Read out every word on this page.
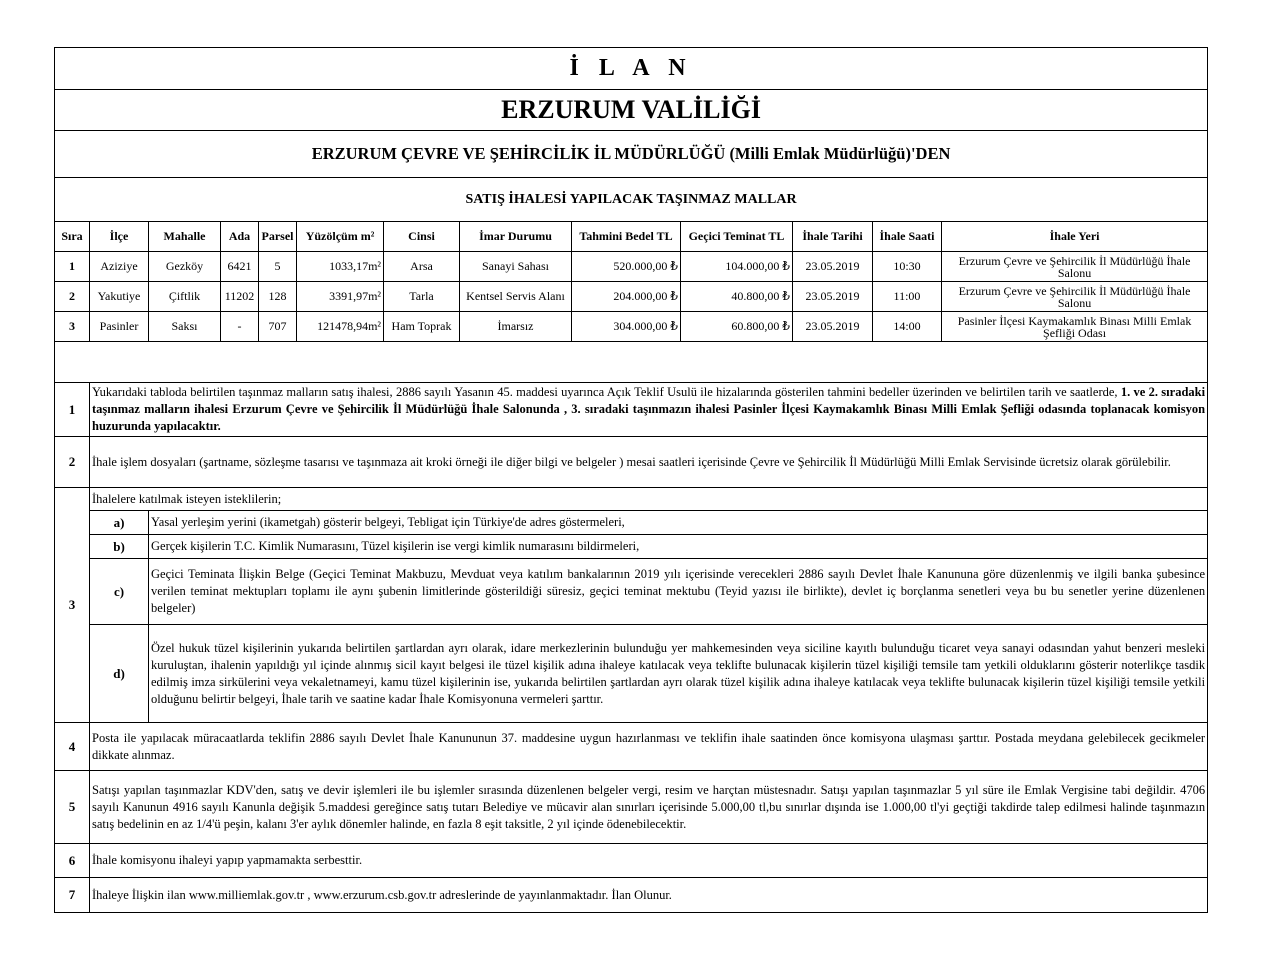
İ L A N												
ERZURUM VALİLİĞİ												
ERZURUM ÇEVRE VE ŞEHİRCİLİK İL MÜDÜRLÜĞÜ (Milli Emlak Müdürlüğü)'DEN												
SATIŞ İHALESİ YAPILACAK TAŞINMAZ MALLAR												
Sıra	İlçe	Mahalle	Ada	Parsel	Yüzölçüm m²	Cinsi	İmar Durumu	Tahmini Bedel TL	Geçici Teminat TL	İhale Tarihi	İhale Saati	İhale Yeri
1	Aziziye	Gezköy	6421	5	1033,17m²	Arsa	Sanayi Sahası	520.000,00 ₺	104.000,00 ₺	23.05.2019	10:30	Erzurum Çevre ve Şehircilik İl Müdürlüğü İhale Salonu
2	Yakutiye	Çiftlik	11202	128	3391,97m²	Tarla	Kentsel Servis Alanı	204.000,00 ₺	40.800,00 ₺	23.05.2019	11:00	Erzurum Çevre ve Şehircilik İl Müdürlüğü İhale Salonu
3	Pasinler	Saksı	-	707	121478,94m²	Ham Toprak	İmarsız	304.000,00 ₺	60.800,00 ₺	23.05.2019	14:00	Pasinler İlçesi Kaymakamlık Binası Milli Emlak Şefliği Odası

1	Yukarıdaki tabloda belirtilen taşınmaz malların satış ihalesi, 2886 sayılı Yasanın 45. maddesi uyarınca Açık Teklif Usulü ile hizalarında gösterilen tahmini bedeller üzerinden ve belirtilen tarih ve saatlerde, 1. ve 2. sıradaki taşınmaz malların ihalesi Erzurum Çevre ve Şehircilik İl Müdürlüğü İhale Salonunda , 3. sıradaki taşınmazın ihalesi Pasinler İlçesi Kaymakamlık Binası Milli Emlak Şefliği odasında toplanacak komisyon huzurunda yapılacaktır.											
2	İhale işlem dosyaları (şartname, sözleşme tasarısı ve taşınmaza ait kroki örneği ile diğer bilgi ve belgeler ) mesai saatleri içerisinde Çevre ve Şehircilik İl Müdürlüğü Milli Emlak Servisinde ücretsiz olarak görülebilir.											
3	İhalelere katılmak isteyen isteklilerin;											
	a)	Yasal yerleşim yerini (ikametgah) gösterir belgeyi, Tebligat için Türkiye'de adres göstermeleri,										
	b)	Gerçek kişilerin T.C. Kimlik Numarasını, Tüzel kişilerin ise vergi kimlik numarasını bildirmeleri,										
	c)	Geçici Teminata İlişkin Belge (Geçici Teminat Makbuzu, Mevduat veya katılım bankalarının 2019 yılı içerisinde verecekleri 2886 sayılı Devlet İhale Kanununa göre düzenlenmiş ve ilgili banka şubesince verilen teminat mektupları toplamı ile aynı şubenin limitlerinde gösterildiği süresiz, geçici teminat mektubu (Teyid yazısı ile birlikte), devlet iç borçlanma senetleri veya bu bu senetler yerine düzenlenen belgeler)										
	d)	Özel hukuk tüzel kişilerinin yukarıda belirtilen şartlardan ayrı olarak, idare merkezlerinin bulunduğu yer mahkemesinden veya siciline kayıtlı bulunduğu ticaret veya sanayi odasından yahut benzeri mesleki kuruluştan, ihalenin yapıldığı yıl içinde alınmış sicil kayıt belgesi ile tüzel kişilik adına ihaleye katılacak veya teklifte bulunacak kişilerin tüzel kişiliği temsile tam yetkili olduklarını gösterir noterlikçe tasdik edilmiş imza sirkülerini veya vekaletnameyi, kamu tüzel kişilerinin ise, yukarıda belirtilen şartlardan ayrı olarak tüzel kişilik adına ihaleye katılacak veya teklifte bulunacak kişilerin tüzel kişiliği temsile yetkili olduğunu belirtir belgeyi, İhale tarih ve saatine kadar İhale Komisyonuna vermeleri şarttır.										
4	Posta ile yapılacak müracaatlarda teklifin 2886 sayılı Devlet İhale Kanununun 37. maddesine uygun hazırlanması ve teklifin ihale saatinden önce komisyona ulaşması şarttır. Postada meydana gelebilecek gecikmeler dikkate alınmaz.											
5	Satışı yapılan taşınmazlar KDV'den, satış ve devir işlemleri ile bu işlemler sırasında düzenlenen belgeler vergi, resim ve harçtan müstesnadır. Satışı yapılan taşınmazlar 5 yıl süre ile Emlak Vergisine tabi değildir. 4706 sayılı Kanunun 4916 sayılı Kanunla değişik 5.maddesi gereğince satış tutarı Belediye ve mücavir alan sınırları içerisinde 5.000,00 tl,bu sınırlar dışında ise 1.000,00 tl'yi geçtiği takdirde talep edilmesi halinde taşınmazın satış bedelinin en az 1/4'ü peşin, kalanı 3'er aylık dönemler halinde, en fazla 8 eşit taksitle, 2 yıl içinde ödenebilecektir.											
6	İhale komisyonu ihaleyi yapıp yapmamakta serbesttir.											
7	İhaleye İlişkin ilan www.milliemlak.gov.tr , www.erzurum.csb.gov.tr adreslerinde de yayınlanmaktadır. İlan Olunur.											
